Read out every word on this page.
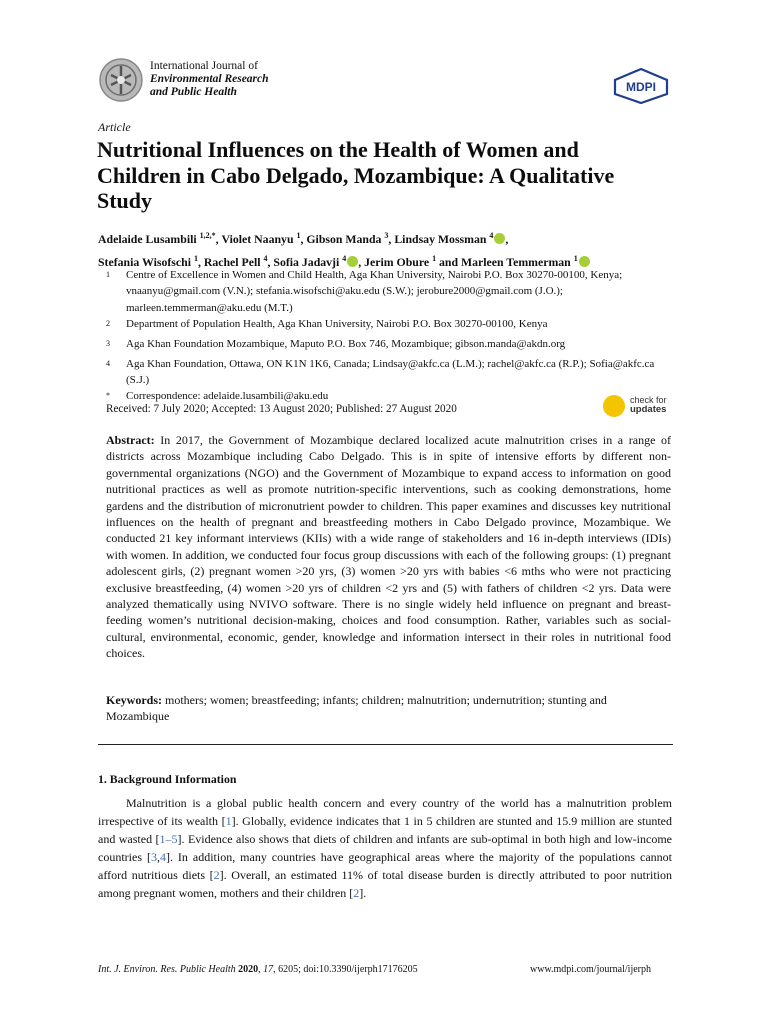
International Journal of
Environmental Research
and Public Health	MDPI
Article
Nutritional Influences on the Health of Women and Children in Cabo Delgado, Mozambique: A Qualitative Study
Adelaide Lusambili $^{1,2,*}$, Violet Naanyu $^1$, Gibson Manda $^3$, Lindsay Mossman $^4$ ,
Stefania Wisofschi $^1$, Rachel Pell $^4$, Sofia Jadavji $^4$ , Jerim Obure $^1$ and Marleen Temmerman $^1$
$^1$	Centre of Excellence in Women and Child Health, Aga Khan University, Nairobi P.O. Box 30270-00100, Kenya; vnaanyu@gmail.com (V.N.); stefania.wisofschi@aku.edu (S.W.); jerobure2000@gmail.com (J.O.); marleen.temmerman@aku.edu (M.T.)
$^2$	Department of Population Health, Aga Khan University, Nairobi P.O. Box 30270-00100, Kenya
$^3$	Aga Khan Foundation Mozambique, Maputo P.O. Box 746, Mozambique; gibson.manda@akdn.org
$^4$	Aga Khan Foundation, Ottawa, ON K1N 1K6, Canada; Lindsay@akfc.ca (L.M.); rachel@akfc.ca (R.P.); Sofia@akfc.ca (S.J.)
*	Correspondence: adelaide.lusambili@aku.edu
Received: 7 July 2020; Accepted: 13 August 2020; Published: 27 August 2020
check for
updates

Abstract: In 2017, the Government of Mozambique declared localized acute malnutrition crises in a range of districts across Mozambique including Cabo Delgado. This is in spite of intensive efforts by different non-governmental organizations (NGO) and the Government of Mozambique to expand access to information on good nutritional practices as well as promote nutrition-specific interventions, such as cooking demonstrations, home gardens and the distribution of micronutrient powder to children. This paper examines and discusses key nutritional influences on the health of pregnant and breastfeeding mothers in Cabo Delgado province, Mozambique. We conducted 21 key informant interviews (KIIs) with a wide range of stakeholders and 16 in-depth interviews (IDIs) with women. In addition, we conducted four focus group discussions with each of the following groups: (1) pregnant adolescent girls, (2) pregnant women >20 yrs, (3) women >20 yrs with babies <6 mths who were not practicing exclusive breastfeeding, (4) women >20 yrs of children <2 yrs and (5) with fathers of children <2 yrs. Data were analyzed thematically using NVIVO software. There is no single widely held influence on pregnant and breast-feeding women’s nutritional decision-making, choices and food consumption. Rather, variables such as social-cultural, environmental, economic, gender, knowledge and information intersect in their roles in nutritional food choices.

Keywords: mothers; women; breastfeeding; infants; children; malnutrition; undernutrition; stunting and Mozambique

1. Background Information

Malnutrition is a global public health concern and every country of the world has a malnutrition problem irrespective of its wealth [1]. Globally, evidence indicates that 1 in 5 children are stunted and 15.9 million are stunted and wasted [1–5]. Evidence also shows that diets of children and infants are sub-optimal in both high and low-income countries [3,4]. In addition, many countries have geographical areas where the majority of the populations cannot afford nutritious diets [2]. Overall, an estimated 11% of total disease burden is directly attributed to poor nutrition among pregnant women, mothers and their children [2].

Int. J. Environ. Res. Public Health 2020, 17, 6205; doi:10.3390/ijerph17176205	www.mdpi.com/journal/ijerph
